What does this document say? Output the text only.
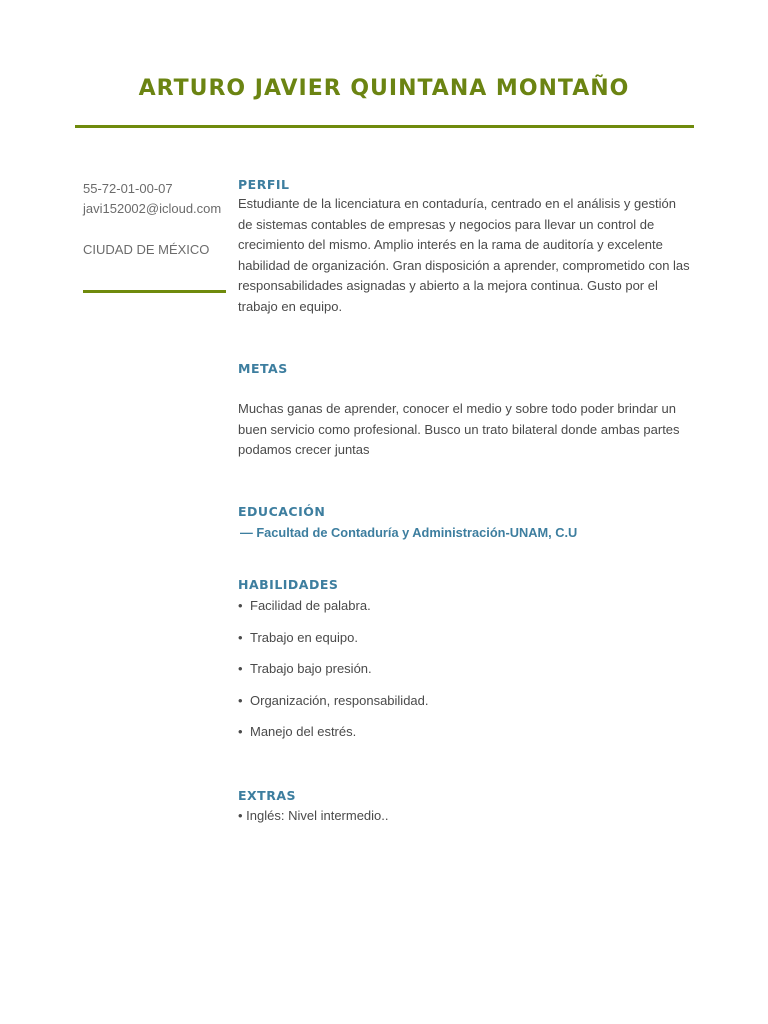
ARTURO JAVIER QUINTANA MONTAÑO
55-72-01-00-07
javi152002@icloud.com
CIUDAD DE MÉXICO
PERFIL

Estudiante de la licenciatura en contaduría, centrado en el análisis y gestión de sistemas contables de empresas y negocios para llevar un control de crecimiento del mismo. Amplio interés en la rama de auditoría y excelente habilidad de organización. Gran disposición a aprender, comprometido con las responsabilidades asignadas y abierto a la mejora continua. Gusto por el trabajo en equipo.

METAS

Muchas ganas de aprender, conocer el medio y sobre todo poder brindar un buen servicio como profesional. Busco un trato bilateral donde ambas partes podamos crecer juntas

EDUCACIÓN

— Facultad de Contaduría y Administración-UNAM, C.U

HABILIDADES
• Facilidad de palabra.
• Trabajo en equipo.
• Trabajo bajo presión.
• Organización, responsabilidad.
• Manejo del estrés.
EXTRAS

• Inglés: Nivel intermedio..
